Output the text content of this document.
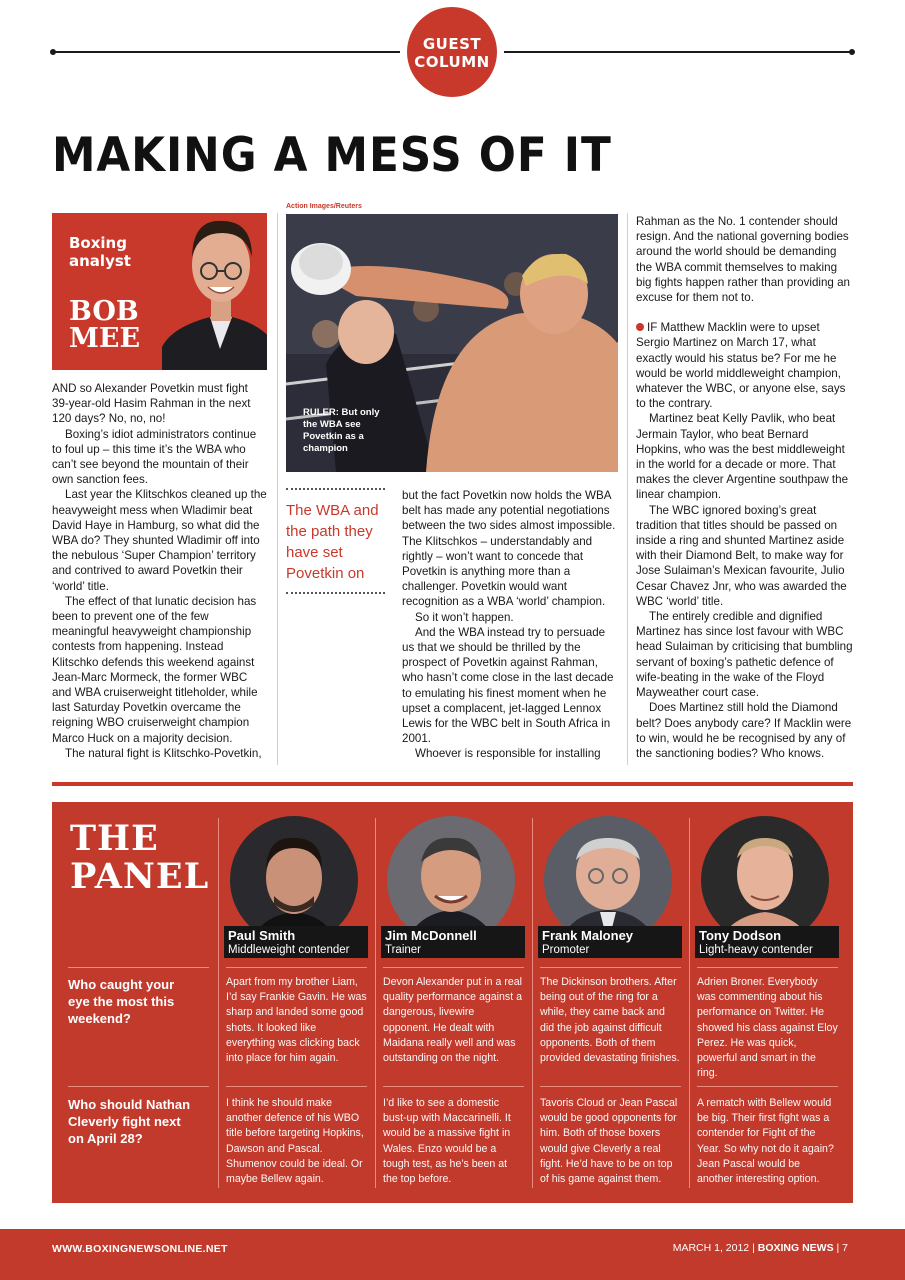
GUEST
COLUMN
MAKING A MESS OF IT
Boxing
analyst
BOB
MEE

AND so Alexander Povetkin must fight 39-year-old Hasim Rahman in the next 120 days? No, no, no!

Boxing’s idiot administrators continue to foul up – this time it’s the WBA who can’t see beyond the mountain of their own sanction fees.

Last year the Klitschkos cleaned up the heavyweight mess when Wladimir beat David Haye in Hamburg, so what did the WBA do? They shunted Wladimir off into the nebulous ‘Super Champion’ territory and contrived to award Povetkin their ‘world’ title.

The effect of that lunatic decision has been to prevent one of the few meaningful heavyweight championship contests from happening. Instead Klitschko defends this weekend against Jean-Marc Mormeck, the former WBC and WBA cruiserweight titleholder, while last Saturday Povetkin overcame the reigning WBO cruiserweight champion Marco Huck on a majority decision.

The natural fight is Klitschko-Povetkin,

Action Images/Reuters
RULER: But only the WBA see Povetkin as a champion
The WBA and the path they have set Povetkin on

but the fact Povetkin now holds the WBA belt has made any potential negotiations between the two sides almost impossible. The Klitschkos – understandably and rightly – won’t want to concede that Povetkin is anything more than a challenger. Povetkin would want recognition as a WBA ‘world’ champion.

So it won’t happen.

And the WBA instead try to persuade us that we should be thrilled by the prospect of Povetkin against Rahman, who hasn’t come close in the last decade to emulating his finest moment when he upset a complacent, jet-lagged Lennox Lewis for the WBC belt in South Africa in 2001.

Whoever is responsible for installing

Rahman as the No. 1 contender should resign. And the national governing bodies around the world should be demanding the WBA commit themselves to making big fights happen rather than providing an excuse for them not to.

IF Matthew Macklin were to upset Sergio Martinez on March 17, what exactly would his status be? For me he would be world middleweight champion, whatever the WBC, or anyone else, says to the contrary.

Martinez beat Kelly Pavlik, who beat Jermain Taylor, who beat Bernard Hopkins, who was the best middleweight in the world for a decade or more. That makes the clever Argentine southpaw the linear champion.

The WBC ignored boxing’s great tradition that titles should be passed on inside a ring and shunted Martinez aside with their Diamond Belt, to make way for Jose Sulaiman’s Mexican favourite, Julio Cesar Chavez Jnr, who was awarded the WBC ‘world’ title.

The entirely credible and dignified Martinez has since lost favour with WBC head Sulaiman by criticising that bumbling servant of boxing’s pathetic defence of wife-beating in the wake of the Floyd Mayweather court case.

Does Martinez still hold the Diamond belt? Does anybody care? If Macklin were to win, would he be recognised by any of the sanctioning bodies? Who knows.

THE
PANEL
Paul Smith
Middleweight contender
Jim McDonnell
Trainer
Frank Maloney
Promoter
Tony Dodson
Light-heavy contender
Who caught your eye the most this weekend?
Who should Nathan Cleverly fight next on April 28?
Apart from my brother Liam, I’d say Frankie Gavin. He was sharp and landed some good shots. It looked like everything was clicking back into place for him again.
Devon Alexander put in a real quality performance against a dangerous, livewire opponent. He dealt with Maidana really well and was outstanding on the night.
The Dickinson brothers. After being out of the ring for a while, they came back and did the job against difficult opponents. Both of them provided devastating finishes.
Adrien Broner. Everybody was commenting about his performance on Twitter. He showed his class against Eloy Perez. He was quick, powerful and smart in the ring.
I think he should make another defence of his WBO title before targeting Hopkins, Dawson and Pascal. Shumenov could be ideal. Or maybe Bellew again.
I’d like to see a domestic bust-up with Maccarinelli. It would be a massive fight in Wales. Enzo would be a tough test, as he’s been at the top before.
Tavoris Cloud or Jean Pascal would be good opponents for him. Both of those boxers would give Cleverly a real fight. He’d have to be on top of his game against them.
A rematch with Bellew would be big. Their first fight was a contender for Fight of the Year. So why not do it again? Jean Pascal would be another interesting option.
WWW.BOXINGNEWSONLINE.NET	MARCH 1, 2012 | BOXING NEWS | 7
